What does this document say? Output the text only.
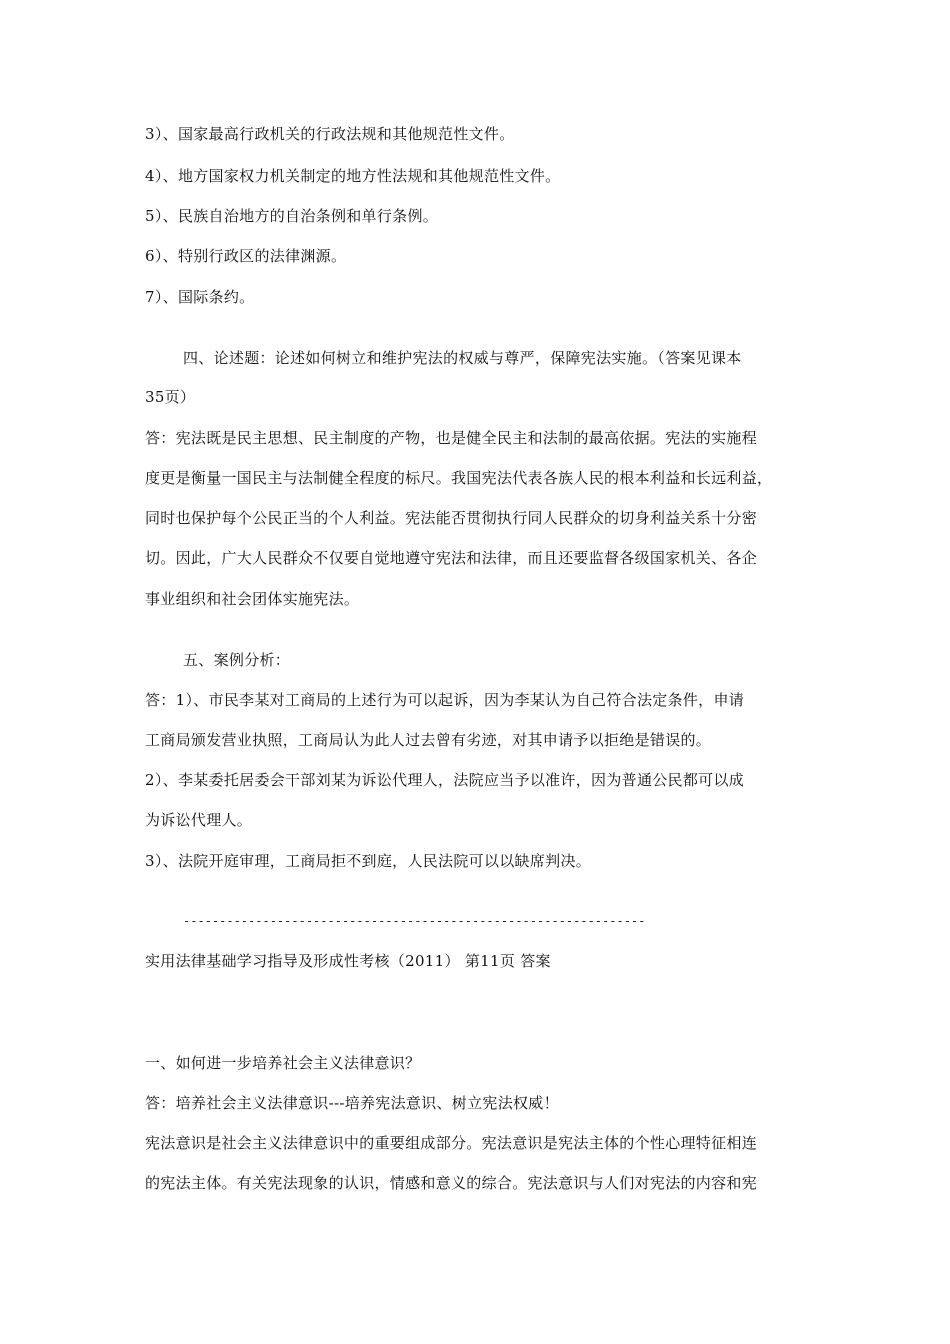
3）、国家最高行政机关的行政法规和其他规范性文件。
4）、地方国家权力机关制定的地方性法规和其他规范性文件。
5）、民族自治地方的自治条例和单行条例。
6）、特别行政区的法律渊源。
7）、国际条约。
四、论述题：论述如何树立和维护宪法的权威与尊严，保障宪法实施。（答案见课本
35页）
答：宪法既是民主思想、民主制度的产物，也是健全民主和法制的最高依据。宪法的实施程
度更是衡量一国民主与法制健全程度的标尺。我国宪法代表各族人民的根本利益和长远利益，
同时也保护每个公民正当的个人利益。宪法能否贯彻执行同人民群众的切身利益关系十分密
切。因此，广大人民群众不仅要自觉地遵守宪法和法律，而且还要监督各级国家机关、各企
事业组织和社会团体实施宪法。
五、案例分析：
答：1）、市民李某对工商局的上述行为可以起诉，因为李某认为自己符合法定条件，申请
工商局颁发营业执照，工商局认为此人过去曾有劣迹，对其申请予以拒绝是错误的。
2）、李某委托居委会干部刘某为诉讼代理人，法院应当予以准许，因为普通公民都可以成
为诉讼代理人。
3）、法院开庭审理，工商局拒不到庭，人民法院可以以缺席判决。
----------------------------------------------------------------
实用法律基础学习指导及形成性考核（2011） 第11页 答案
一、如何进一步培养社会主义法律意识？
答：培养社会主义法律意识---培养宪法意识、树立宪法权威！
宪法意识是社会主义法律意识中的重要组成部分。宪法意识是宪法主体的个性心理特征相连
的宪法主体。有关宪法现象的认识，情感和意义的综合。宪法意识与人们对宪法的内容和宪
